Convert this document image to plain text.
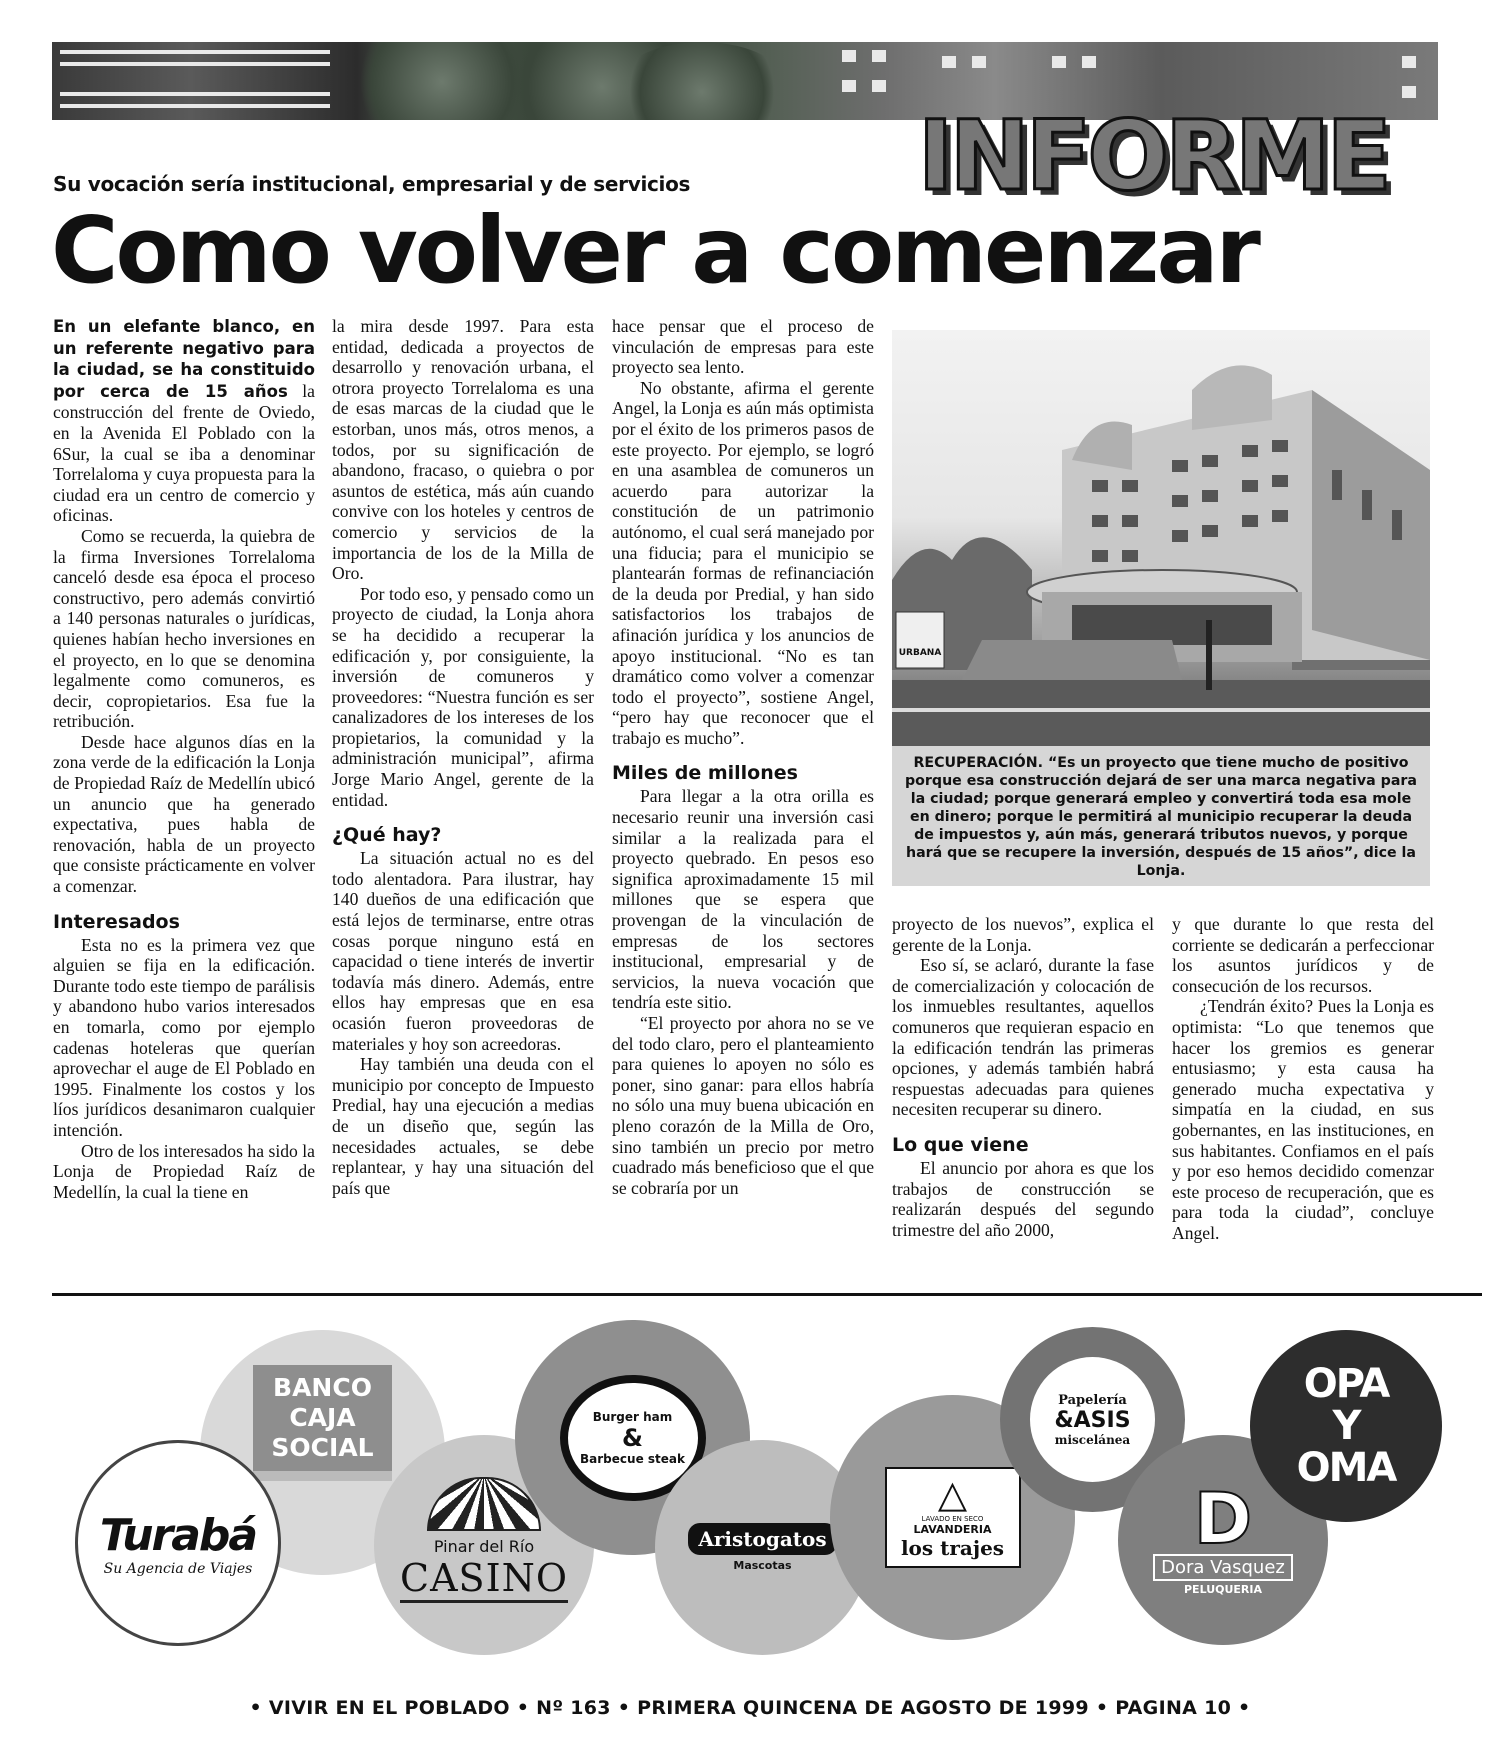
INFORME
Su vocación sería institucional, empresarial y de servicios
Como volver a comenzar

En un elefante blanco, en un referente negativo para la ciudad, se ha constituido por cerca de 15 años la construcción del frente de Oviedo, en la Avenida El Poblado con la 6Sur, la cual se iba a denominar Torrelaloma y cuya propuesta para la ciudad era un centro de comercio y oficinas.

Como se recuerda, la quiebra de la firma Inversiones Torrelaloma canceló desde esa época el proceso constructivo, pero además convirtió a 140 personas naturales o jurídicas, quienes habían hecho inversiones en el proyecto, en lo que se denomina legalmente como comuneros, es decir, copropietarios. Esa fue la retribución.

Desde hace algunos días en la zona verde de la edificación la Lonja de Propiedad Raíz de Medellín ubicó un anuncio que ha generado expectativa, pues habla de renovación, habla de un proyecto que consiste prácticamente en volver a comenzar.

Interesados

Esta no es la primera vez que alguien se fija en la edificación. Durante todo este tiempo de parálisis y abandono hubo varios interesados en tomarla, como por ejemplo cadenas hoteleras que querían aprovechar el auge de El Poblado en 1995. Finalmente los costos y los líos jurídicos desanimaron cualquier intención.

Otro de los interesados ha sido la Lonja de Propiedad Raíz de Medellín, la cual la tiene en

la mira desde 1997. Para esta entidad, dedicada a proyectos de desarrollo y renovación urbana, el otrora proyecto Torrelaloma es una de esas marcas de la ciudad que le estorban, unos más, otros menos, a todos, por su significación de abandono, fracaso, o quiebra o por asuntos de estética, más aún cuando convive con los hoteles y centros de comercio y servicios de la importancia de los de la Milla de Oro.

Por todo eso, y pensado como un proyecto de ciudad, la Lonja ahora se ha decidido a recuperar la edificación y, por consiguiente, la inversión de comuneros y proveedores: “Nuestra función es ser canalizadores de los intereses de los propietarios, la comunidad y la administración municipal”, afirma Jorge Mario Angel, gerente de la entidad.

¿Qué hay?

La situación actual no es del todo alentadora. Para ilustrar, hay 140 dueños de una edificación que está lejos de terminarse, entre otras cosas porque ninguno está en capacidad o tiene interés de invertir todavía más dinero. Además, entre ellos hay empresas que en esa ocasión fueron proveedoras de materiales y hoy son acreedoras.

Hay también una deuda con el municipio por concepto de Impuesto Predial, hay una ejecución a medias de un diseño que, según las necesidades actuales, se debe replantear, y hay una situación del país que

hace pensar que el proceso de vinculación de empresas para este proyecto sea lento.

No obstante, afirma el gerente Angel, la Lonja es aún más optimista por el éxito de los primeros pasos de este proyecto. Por ejemplo, se logró en una asamblea de comuneros un acuerdo para autorizar la constitución de un patrimonio autónomo, el cual será manejado por una fiducia; para el municipio se plantearán formas de refinanciación de la deuda por Predial, y han sido satisfactorios los trabajos de afinación jurídica y los anuncios de apoyo institucional. “No es tan dramático como volver a comenzar todo el proyecto”, sostiene Angel, “pero hay que reconocer que el trabajo es mucho”.

Miles de millones

Para llegar a la otra orilla es necesario reunir una inversión casi similar a la realizada para el proyecto quebrado. En pesos eso significa aproximadamente 15 mil millones que se espera que provengan de la vinculación de empresas de los sectores institucional, empresarial y de servicios, la nueva vocación que tendría este sitio.

“El proyecto por ahora no se ve del todo claro, pero el planteamiento para quienes lo apoyen no sólo es poner, sino ganar: para ellos habría no sólo una muy buena ubicación en pleno corazón de la Milla de Oro, sino también un precio por metro cuadrado más beneficioso que el que se cobraría por un

URBANA
RECUPERACIÓN. “Es un proyecto que tiene mucho de positivo porque esa construcción dejará de ser una marca negativa para la ciudad; porque generará empleo y convertirá toda esa mole en dinero; porque le permitirá al municipio recuperar la deuda de impuestos y, aún más, generará tributos nuevos, y porque hará que se recupere la inversión, después de 15 años”, dice la Lonja.

proyecto de los nuevos”, explica el gerente de la Lonja.

Eso sí, se aclaró, durante la fase de comercialización y colocación de los inmuebles resultantes, aquellos comuneros que requieran espacio en la edificación tendrán las primeras opciones, y además también habrá respuestas adecuadas para quienes necesiten recuperar su dinero.

Lo que viene

El anuncio por ahora es que los trabajos de construcción se realizarán después del segundo trimestre del año 2000,

y que durante lo que resta del corriente se dedicarán a perfeccionar los asuntos jurídicos y de consecución de los recursos.

¿Tendrán éxito? Pues la Lonja es optimista: “Lo que tenemos que hacer los gremios es generar entusiasmo; y esta causa ha generado mucha expectativa y simpatía en la ciudad, en sus gobernantes, en las instituciones, en sus habitantes. Confiamos en el país y por eso hemos decidido comenzar este proceso de recuperación, que es para toda la ciudad”, concluye Angel.

BANCO
CAJA
SOCIAL
Turabá
Su Agencia de Viajes
Pinar del Río
CASINO
Burger ham
&
Barbecue steak
Aristogatos
Mascotas
△
LAVADO EN SECO
LAVANDERIA
los trajes
Papelería
&ASIS
miscelánea
D
Dora Vasquez
PELUQUERIA
OPA
Y
OMA
• VIVIR EN EL POBLADO • Nº 163 • PRIMERA QUINCENA DE AGOSTO DE 1999 • PAGINA 10 •
